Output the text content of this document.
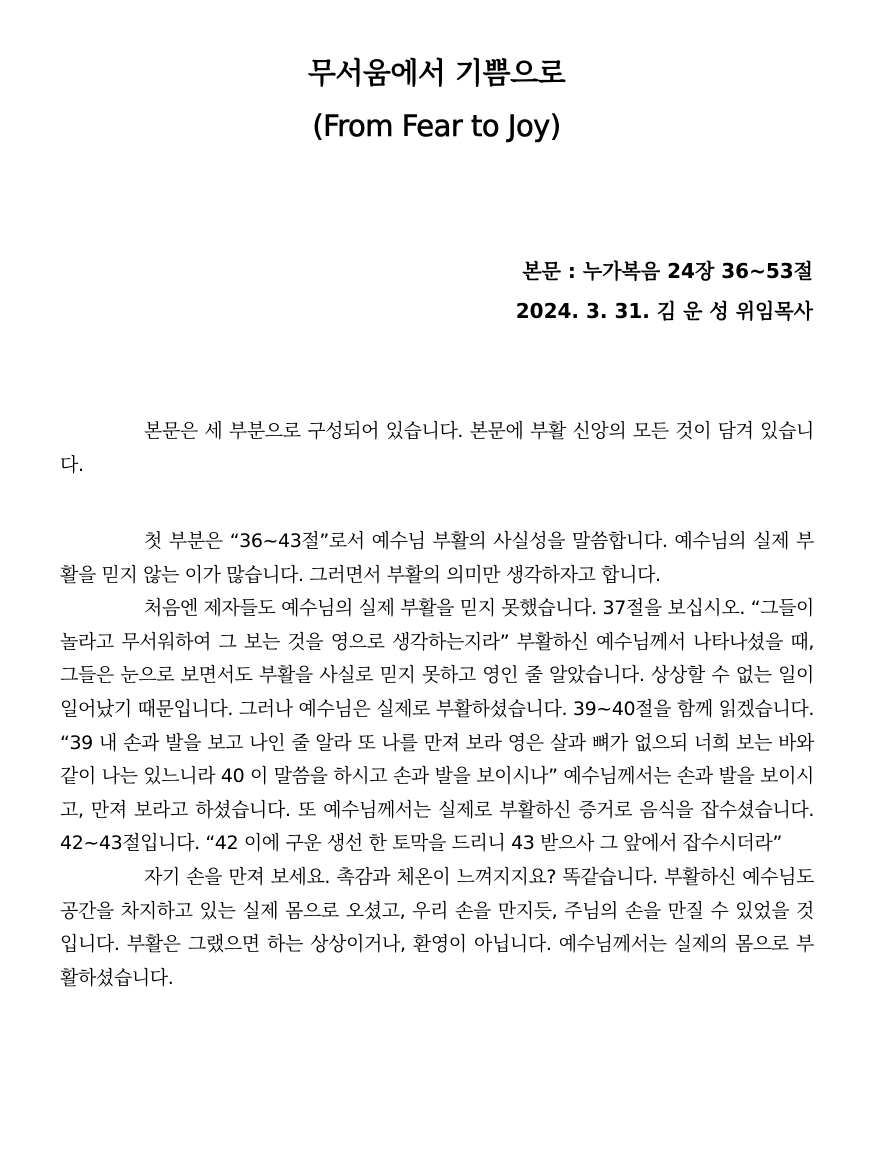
무서움에서 기쁨으로
(From Fear to Joy)
본문 : 누가복음 24장 36~53절
2024. 3. 31. 김 운 성 위임목사

본문은 세 부분으로 구성되어 있습니다. 본문에 부활 신앙의 모든 것이 담겨 있습니다.

첫 부분은 “36~43절”로서 예수님 부활의 사실성을 말씀합니다. 예수님의 실제 부활을 믿지 않는 이가 많습니다. 그러면서 부활의 의미만 생각하자고 합니다.

처음엔 제자들도 예수님의 실제 부활을 믿지 못했습니다. 37절을 보십시오. “그들이 놀라고 무서워하여 그 보는 것을 영으로 생각하는지라” 부활하신 예수님께서 나타나셨을 때, 그들은 눈으로 보면서도 부활을 사실로 믿지 못하고 영인 줄 알았습니다. 상상할 수 없는 일이 일어났기 때문입니다. 그러나 예수님은 실제로 부활하셨습니다. 39~40절을 함께 읽겠습니다. “39 내 손과 발을 보고 나인 줄 알라 또 나를 만져 보라 영은 살과 뼈가 없으되 너희 보는 바와 같이 나는 있느니라 40 이 말씀을 하시고 손과 발을 보이시나” 예수님께서는 손과 발을 보이시고, 만져 보라고 하셨습니다. 또 예수님께서는 실제로 부활하신 증거로 음식을 잡수셨습니다. 42~43절입니다. “42 이에 구운 생선 한 토막을 드리니 43 받으사 그 앞에서 잡수시더라”

자기 손을 만져 보세요. 촉감과 체온이 느껴지지요? 똑같습니다. 부활하신 예수님도 공간을 차지하고 있는 실제 몸으로 오셨고, 우리 손을 만지듯, 주님의 손을 만질 수 있었을 것입니다. 부활은 그랬으면 하는 상상이거나, 환영이 아닙니다. 예수님께서는 실제의 몸으로 부활하셨습니다.
